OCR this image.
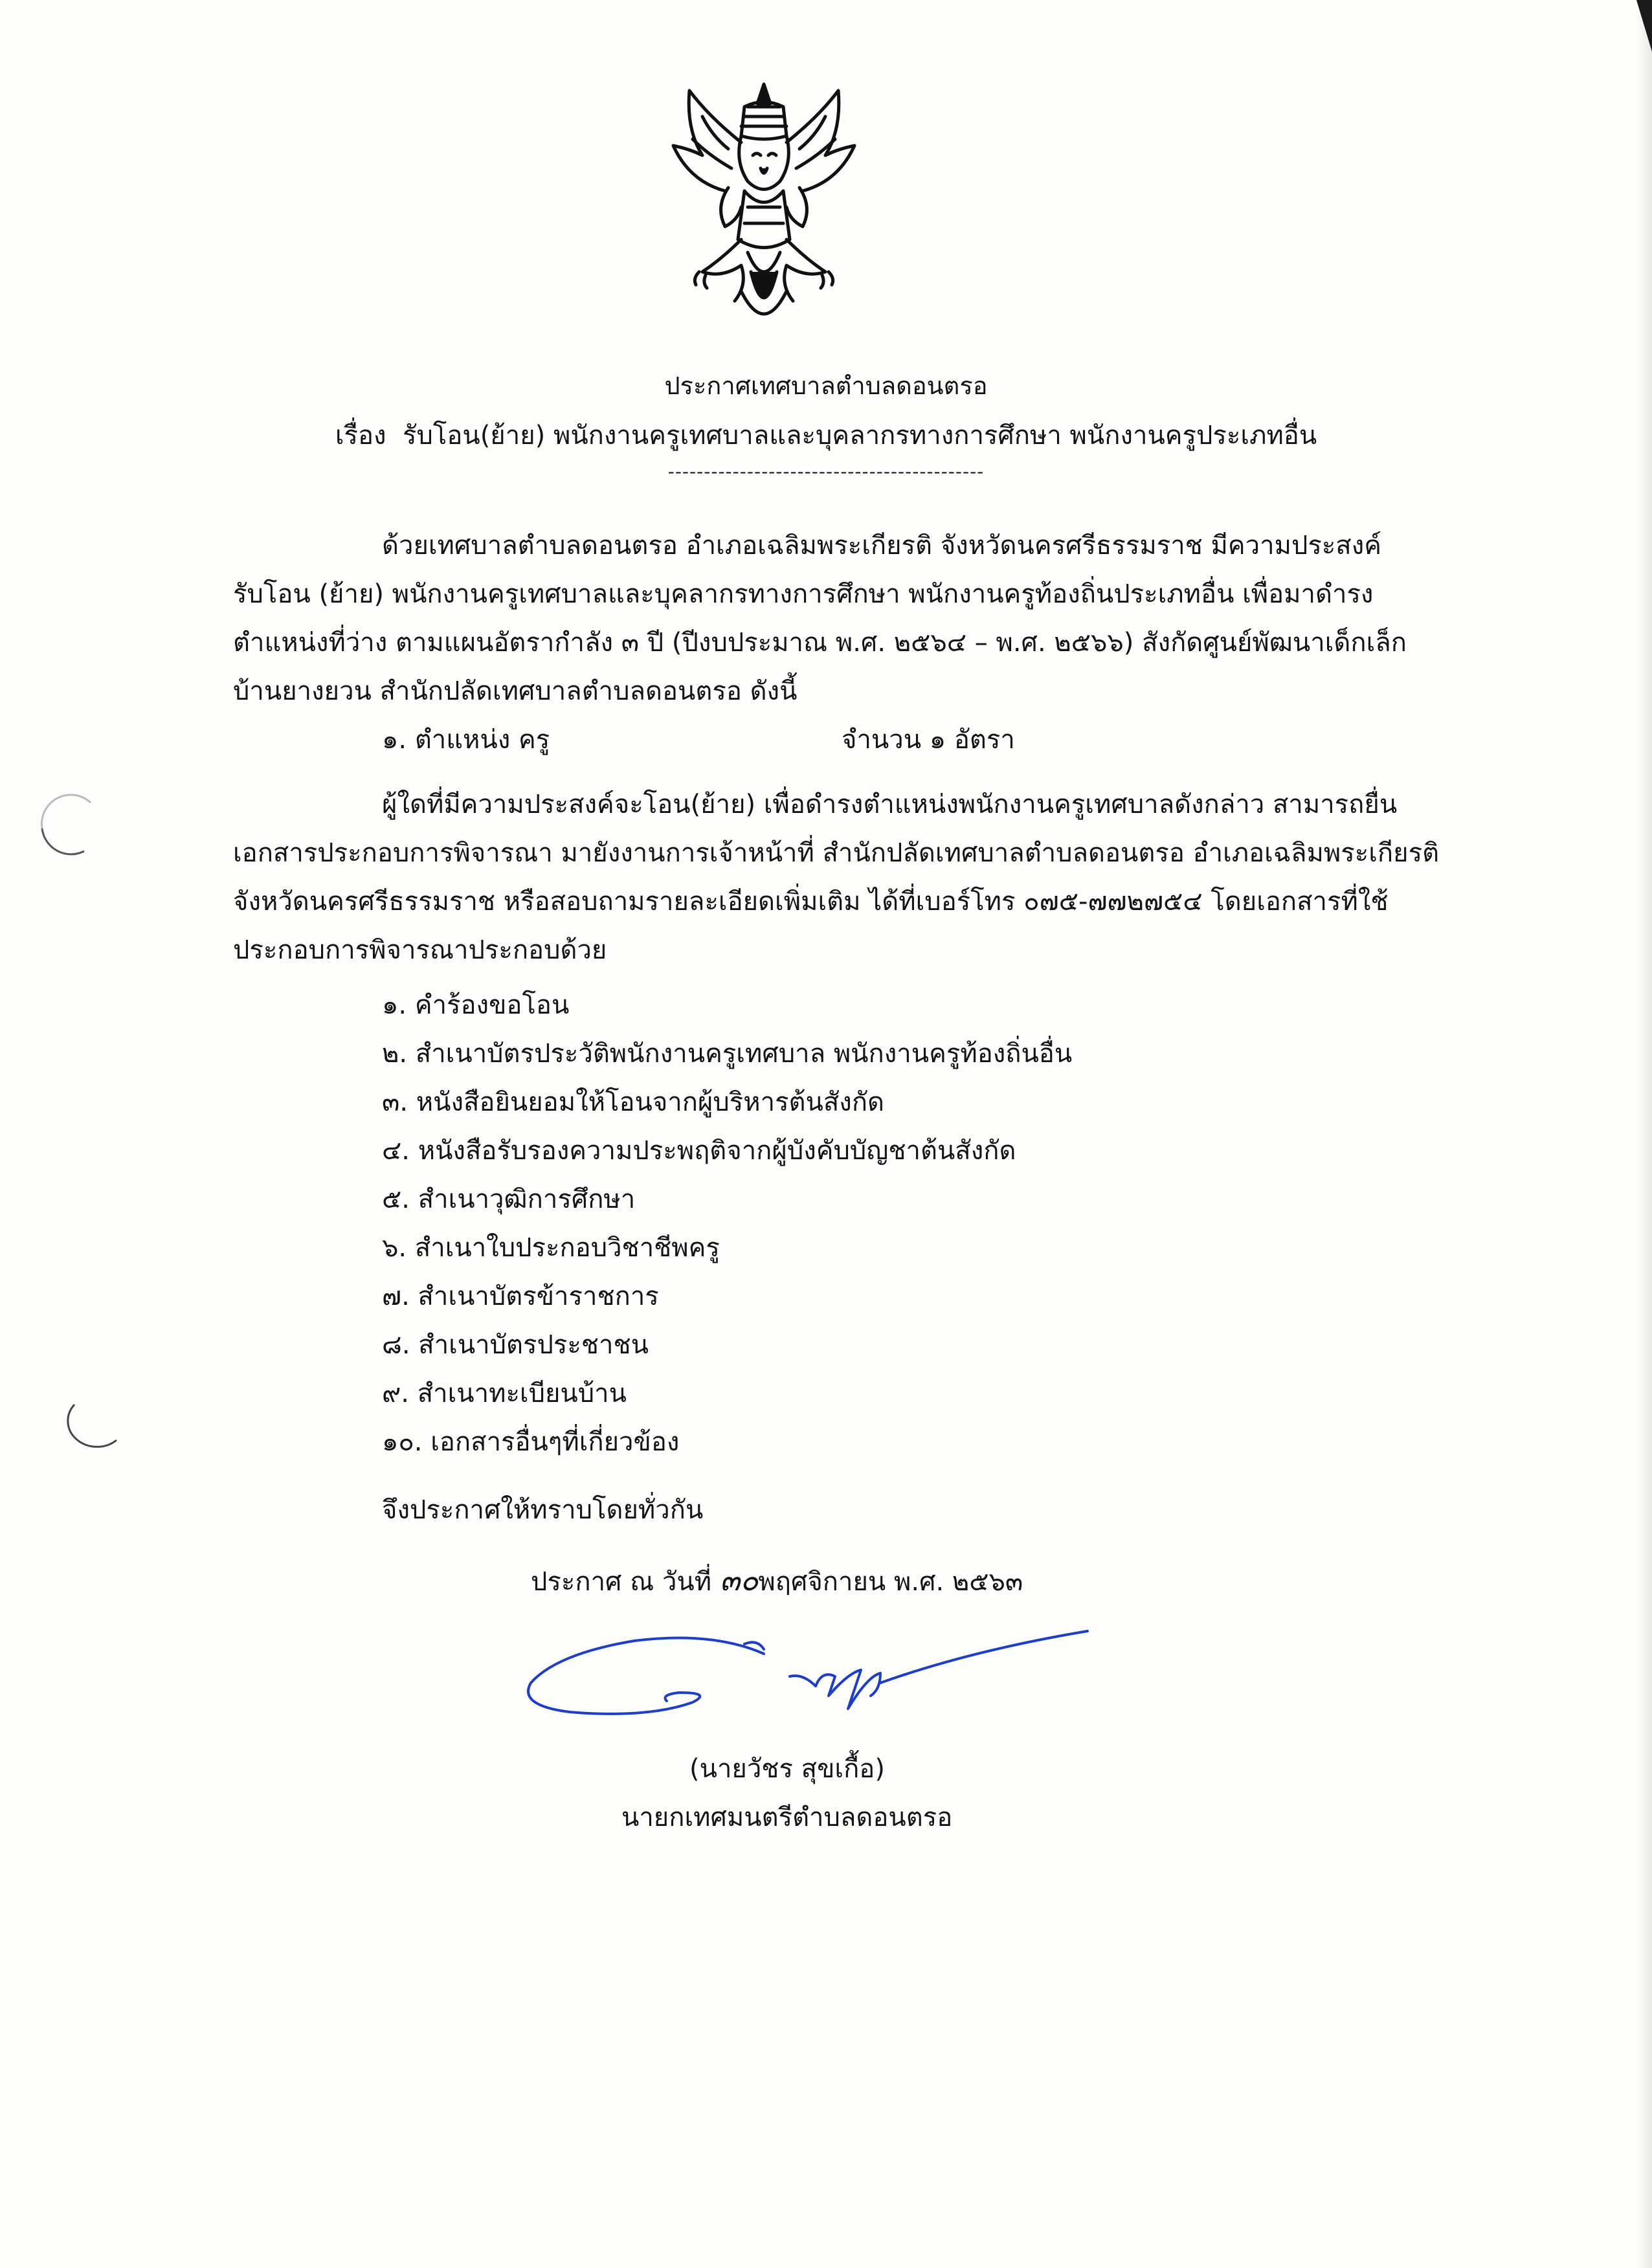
ประกาศเทศบาลตำบลดอนตรอ
เรื่อง รับโอน(ย้าย) พนักงานครูเทศบาลและบุคลากรทางการศึกษา พนักงานครูประเภทอื่น
--------------------------------------------
ด้วยเทศบาลตำบลดอนตรอ อำเภอเฉลิมพระเกียรติ จังหวัดนครศรีธรรมราช มีความประสงค์
รับโอน (ย้าย) พนักงานครูเทศบาลและบุคลากรทางการศึกษา พนักงานครูท้องถิ่นประเภทอื่น เพื่อมาดำรง
ตำแหน่งที่ว่าง ตามแผนอัตรากำลัง ๓ ปี (ปีงบประมาณ พ.ศ. ๒๕๖๔ – พ.ศ. ๒๕๖๖) สังกัดศูนย์พัฒนาเด็กเล็ก
บ้านยางยวน สำนักปลัดเทศบาลตำบลดอนตรอ ดังนี้
๑. ตำแหน่ง ครู	จำนวน ๑ อัตรา
ผู้ใดที่มีความประสงค์จะโอน(ย้าย) เพื่อดำรงตำแหน่งพนักงานครูเทศบาลดังกล่าว สามารถยื่น
เอกสารประกอบการพิจารณา มายังงานการเจ้าหน้าที่ สำนักปลัดเทศบาลตำบลดอนตรอ อำเภอเฉลิมพระเกียรติ
จังหวัดนครศรีธรรมราช หรือสอบถามรายละเอียดเพิ่มเติม ได้ที่เบอร์โทร ๐๗๕-๗๗๒๗๕๔ โดยเอกสารที่ใช้
ประกอบการพิจารณาประกอบด้วย
๑. คำร้องขอโอน
๒. สำเนาบัตรประวัติพนักงานครูเทศบาล พนักงานครูท้องถิ่นอื่น
๓. หนังสือยินยอมให้โอนจากผู้บริหารต้นสังกัด
๔. หนังสือรับรองความประพฤติจากผู้บังคับบัญชาต้นสังกัด
๕. สำเนาวุฒิการศึกษา
๖. สำเนาใบประกอบวิชาชีพครู
๗. สำเนาบัตรข้าราชการ
๘. สำเนาบัตรประชาชน
๙. สำเนาทะเบียนบ้าน
๑๐. เอกสารอื่นๆที่เกี่ยวข้อง
จึงประกาศให้ทราบโดยทั่วกัน
ประกาศ ณ วันที่ ๓๐พฤศจิกายน พ.ศ. ๒๕๖๓
(นายวัชร สุขเกื้อ)
นายกเทศมนตรีตำบลดอนตรอ
